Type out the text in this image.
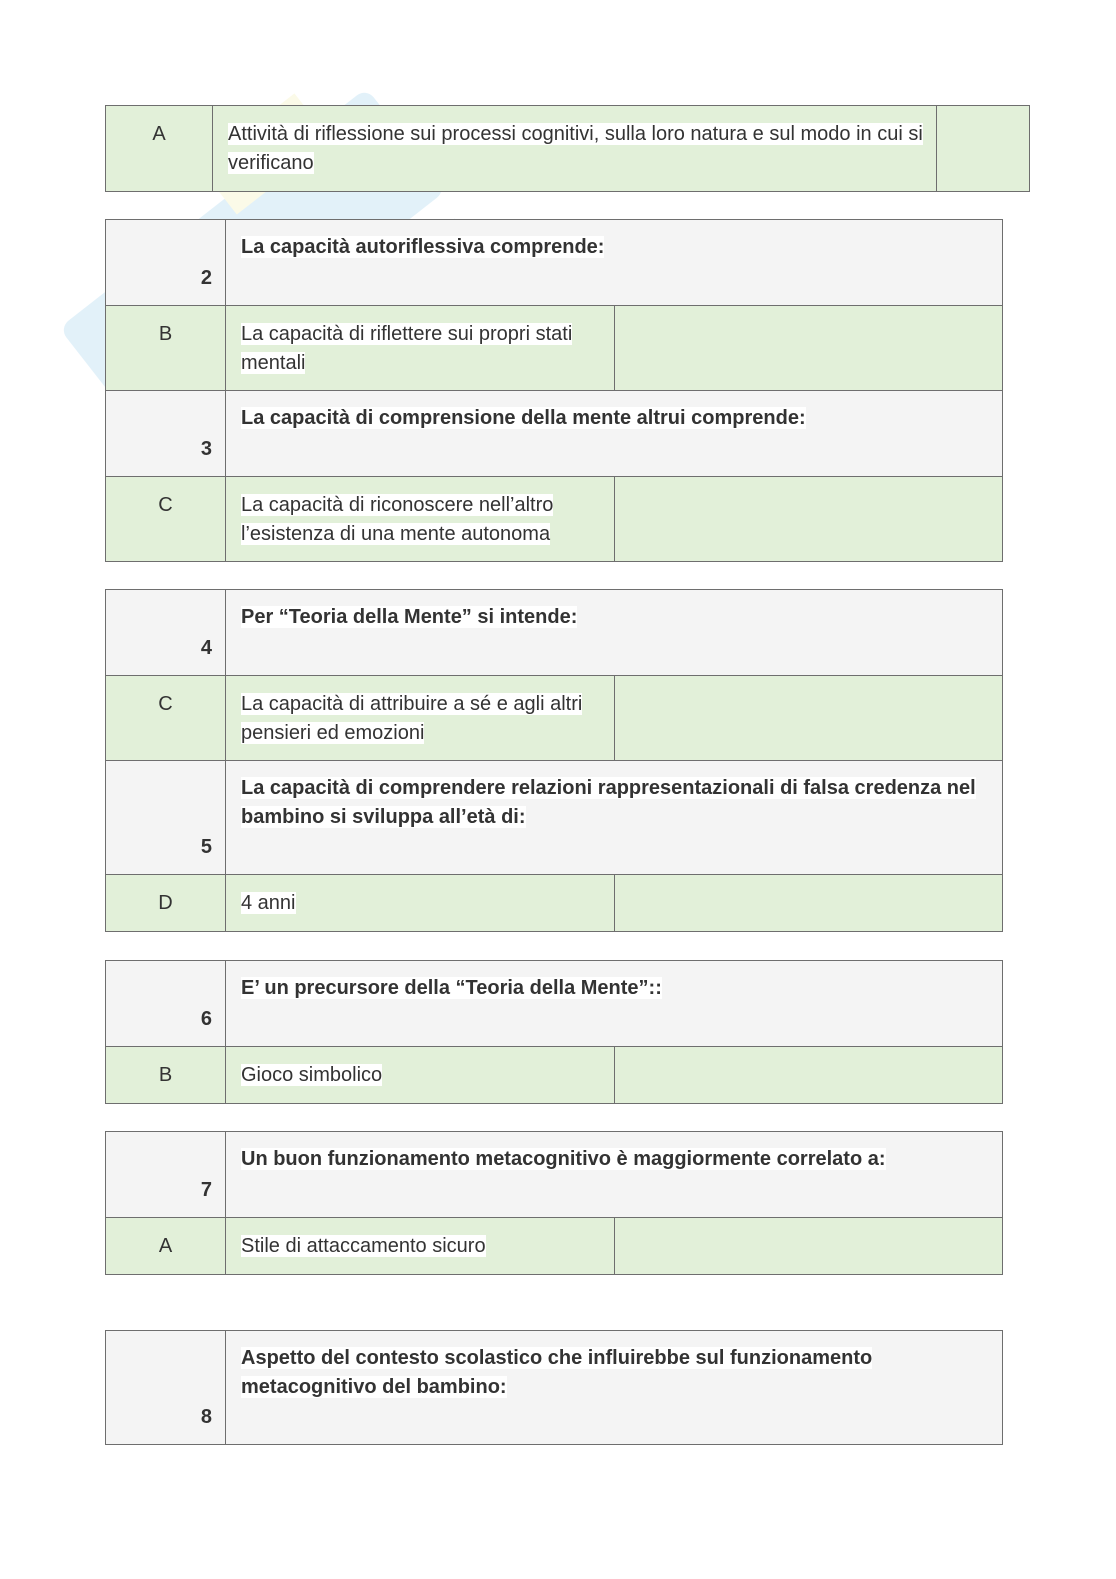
A	Attività di riflessione sui processi cognitivi, sulla loro natura e sul modo in cui si verificano	
2	La capacità autoriflessiva comprende:	
B	La capacità di riflettere sui propri stati mentali	
3	La capacità di comprensione della mente altrui comprende:	
C	La capacità di riconoscere nell’altro l’esistenza di una mente autonoma	
4	Per “Teoria della Mente” si intende:	
C	La capacità di attribuire a sé e agli altri pensieri ed emozioni	
5	La capacità di comprendere relazioni rappresentazionali di falsa credenza nel bambino si sviluppa all’età di:	
D	4 anni	
6	E’ un precursore della “Teoria della Mente”::	
B	Gioco simbolico	
7	Un buon funzionamento metacognitivo è maggiormente correlato a:	
A	Stile di attaccamento sicuro	
8	Aspetto del contesto scolastico che influirebbe sul funzionamento metacognitivo del bambino:
